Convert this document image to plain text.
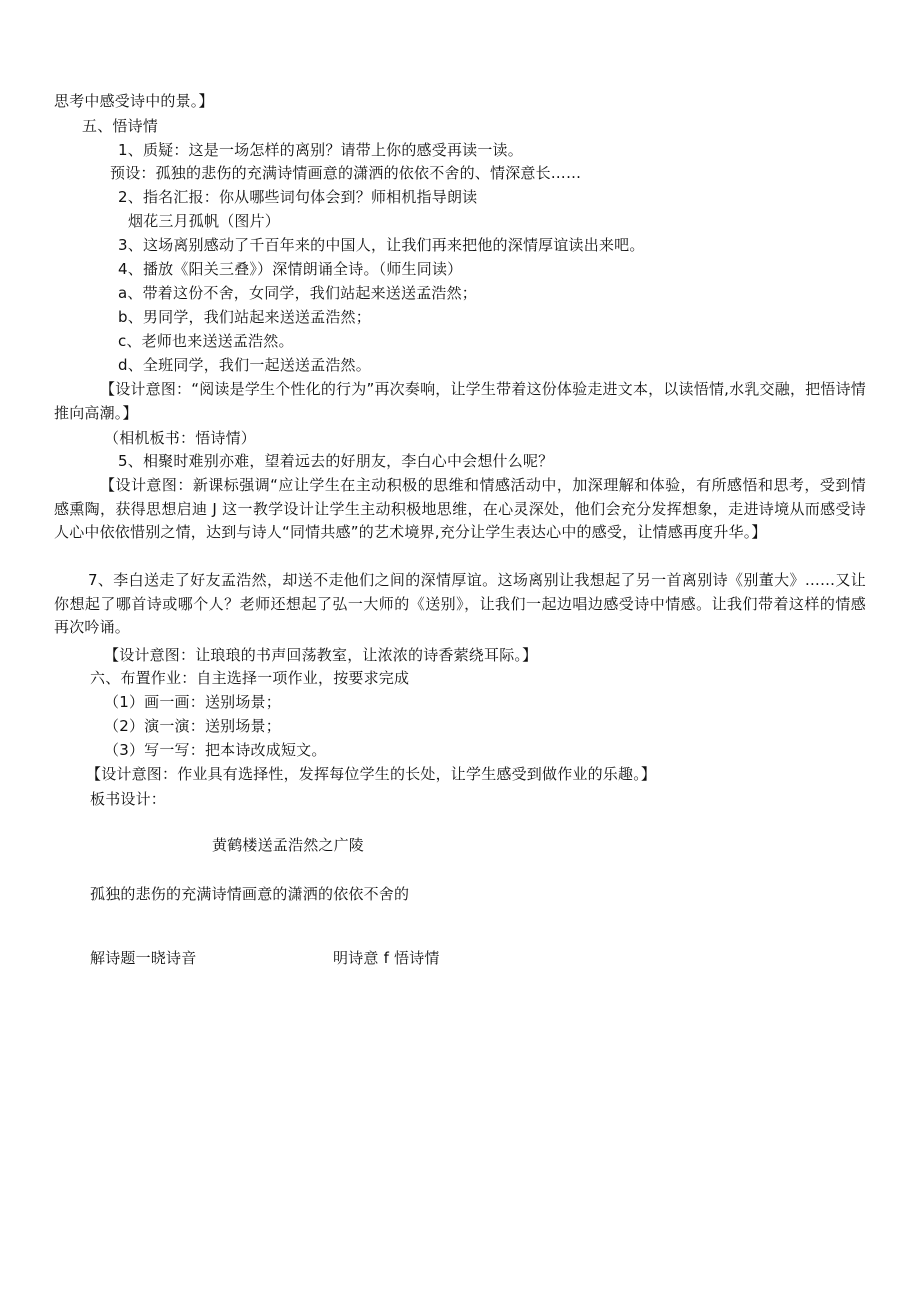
思考中感受诗中的景。】
五、悟诗情
1、质疑：这是一场怎样的离别？请带上你的感受再读一读。
预设：孤独的悲伤的充满诗情画意的潇洒的依依不舍的、情深意长……
2、指名汇报：你从哪些词句体会到？师相机指导朗读
烟花三月孤帆（图片）
3、这场离别感动了千百年来的中国人，让我们再来把他的深情厚谊读出来吧。
4、播放《阳关三叠》）深情朗诵全诗。（师生同读）
a、带着这份不舍，女同学，我们站起来送送孟浩然；
b、男同学，我们站起来送送孟浩然；
c、老师也来送送孟浩然。
d、全班同学，我们一起送送孟浩然。
【设计意图：“阅读是学生个性化的行为”再次奏响，让学生带着这份体验走进文本，以读悟情,水乳交融，把悟诗情推向高潮。】
（相机板书：悟诗情）
5、相聚时难别亦难，望着远去的好朋友，李白心中会想什么呢？
【设计意图：新课标强调“应让学生在主动积极的思维和情感活动中，加深理解和体验，有所感悟和思考，受到情感熏陶，获得思想启迪 J 这一教学设计让学生主动积极地思维，在心灵深处，他们会充分发挥想象，走进诗境从而感受诗人心中依依惜别之情，达到与诗人“同情共感”的艺术境界,充分让学生表达心中的感受，让情感再度升华。】
7、李白送走了好友孟浩然，却送不走他们之间的深情厚谊。这场离别让我想起了另一首离别诗《别董大》……又让你想起了哪首诗或哪个人？老师还想起了弘一大师的《送别》，让我们一起边唱边感受诗中情感。让我们带着这样的情感再次吟诵。
【设计意图：让琅琅的书声回荡教室，让浓浓的诗香萦绕耳际。】
六、布置作业：自主选择一项作业，按要求完成
（1）画一画：送别场景；
（2）演一演：送别场景；
（3）写一写：把本诗改成短文。
【设计意图：作业具有选择性，发挥每位学生的长处，让学生感受到做作业的乐趣。】
板书设计：
黄鹤楼送孟浩然之广陵
孤独的悲伤的充满诗情画意的潇洒的依依不舍的
解诗题一晓诗音	明诗意 f 悟诗情
